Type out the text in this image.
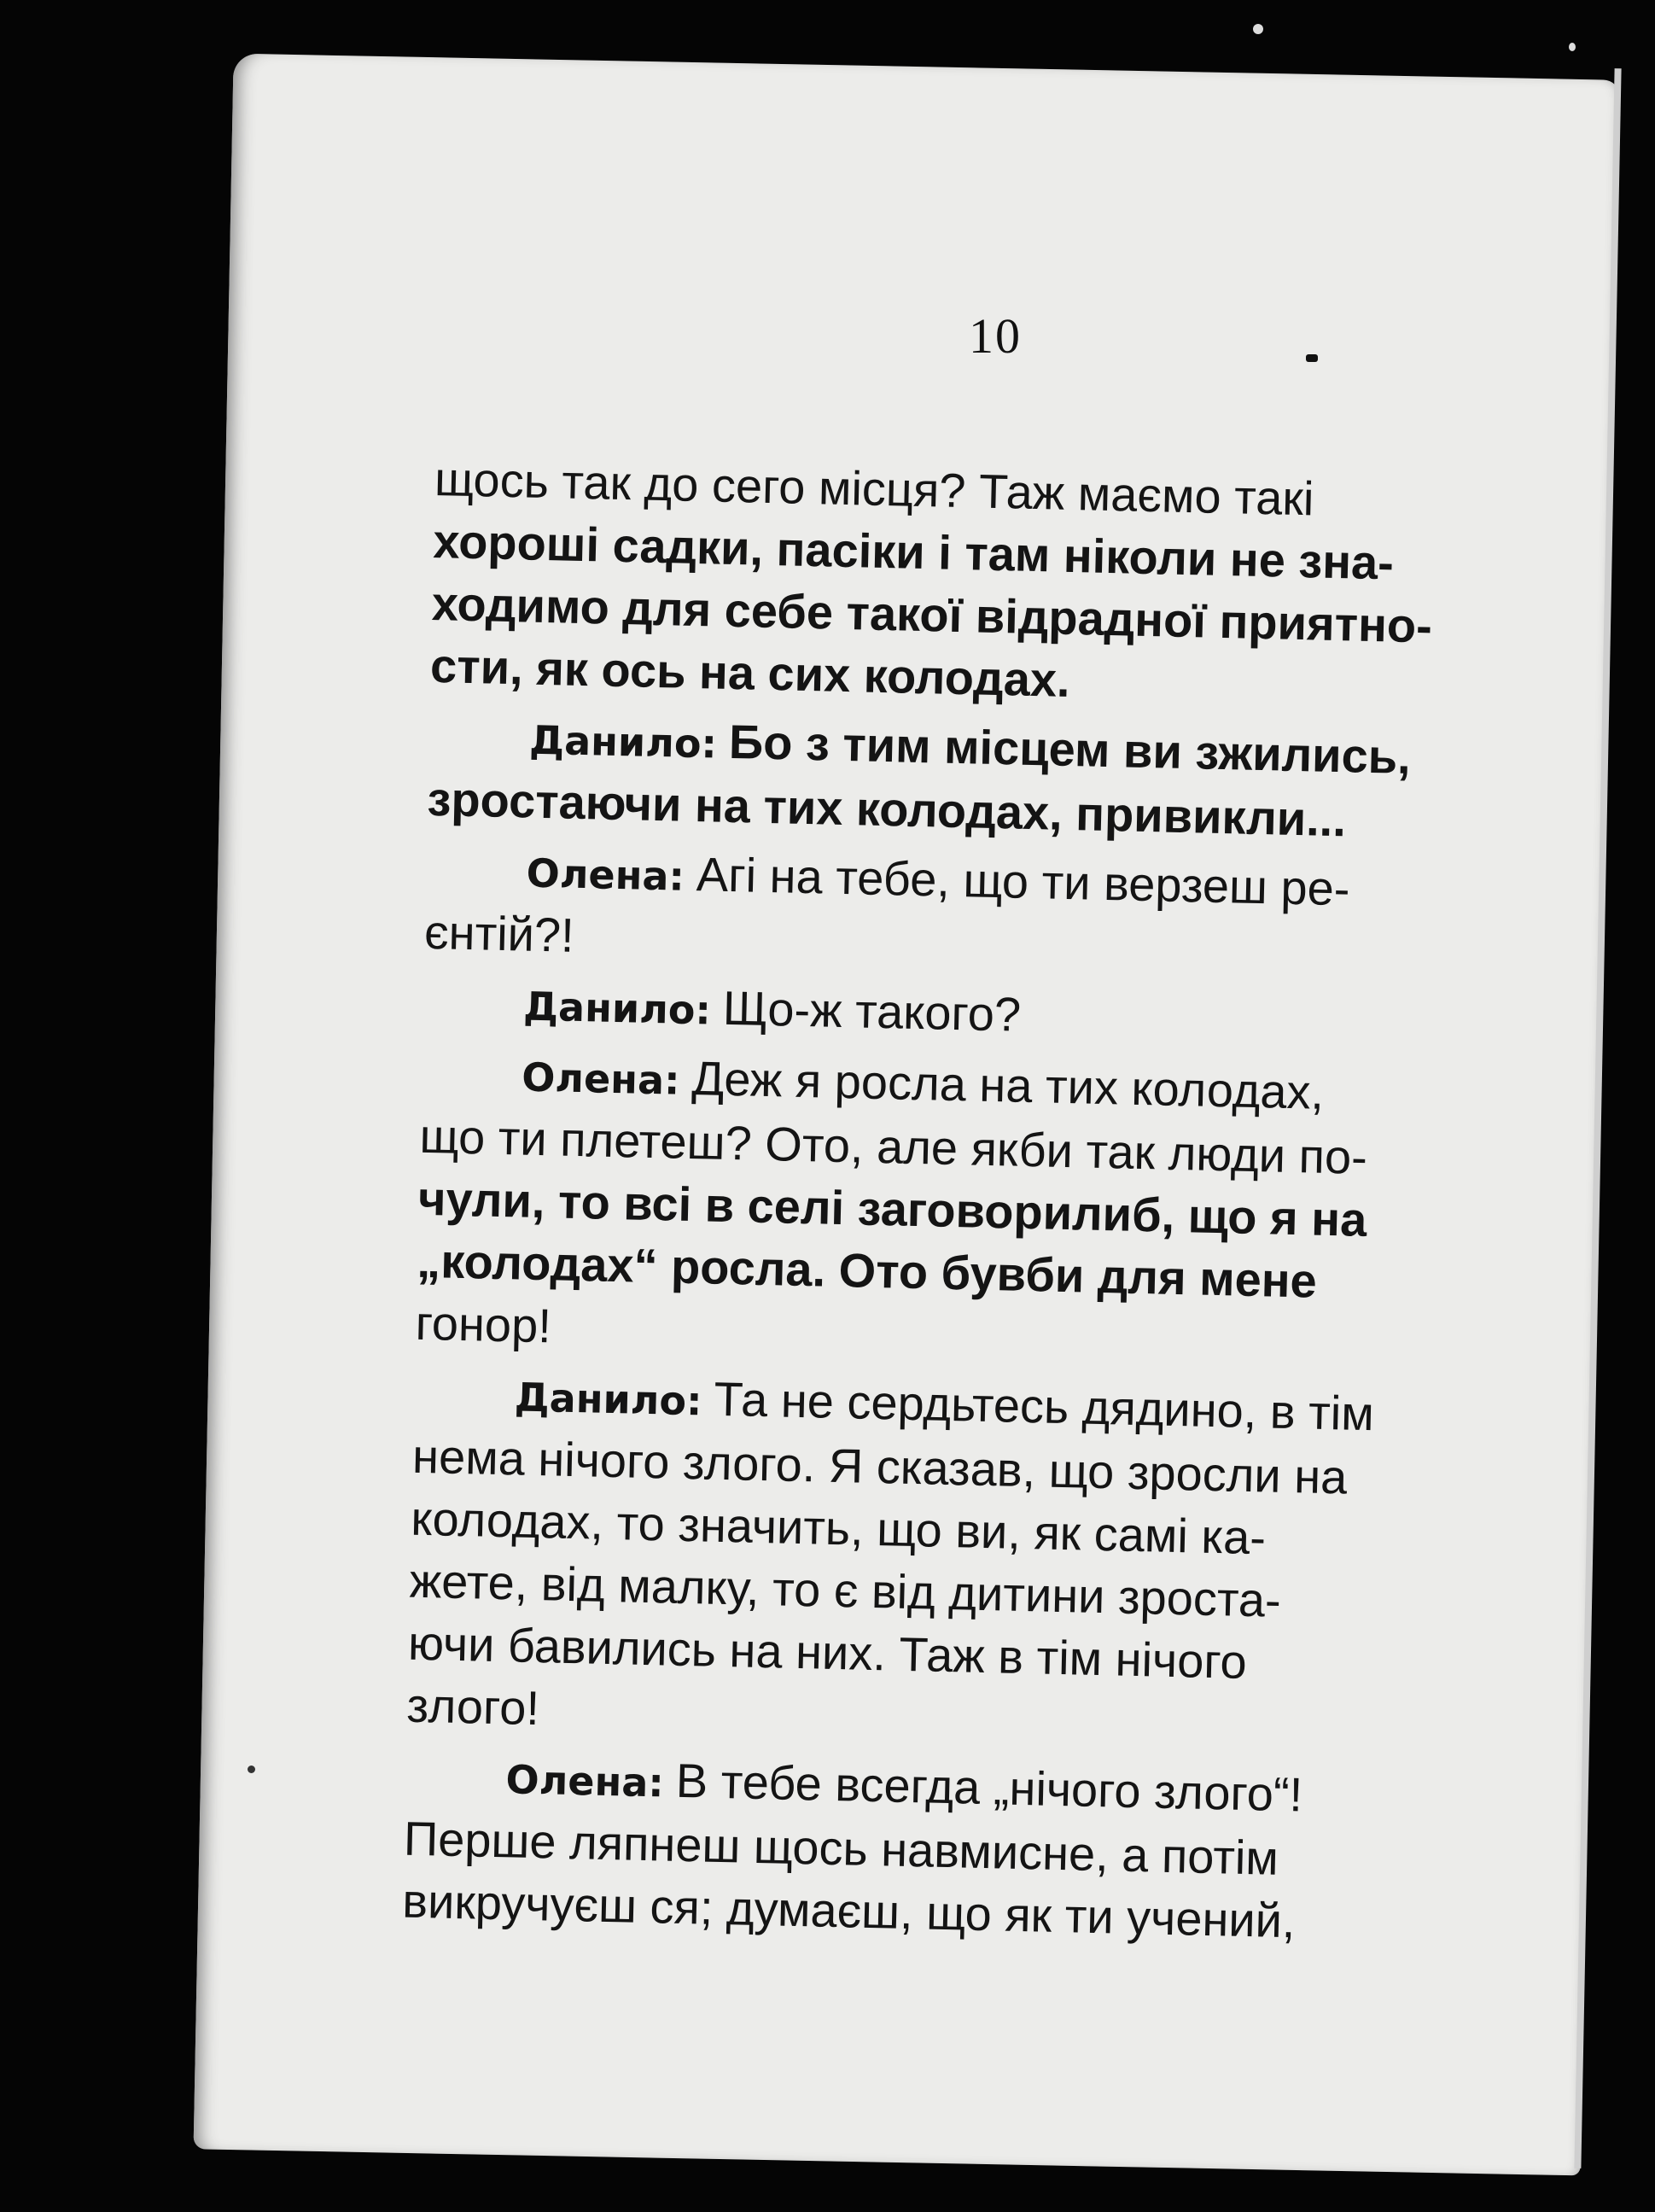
10

щось так до сего місця? Таж маємо такі
хороші садки, пасіки і там ніколи не зна-
ходимо для себе такої відрадної приятно-
сти, як ось на сих колодах.

Данило: Бо з тим місцем ви зжились,
зростаючи на тих колодах, привикли...

Олена: Агі на тебе, що ти верзеш ре-
єнтій?!

Данило: Що-ж такого?

Олена: Деж я росла на тих колодах,
що ти плетеш? Ото, але якби так люди по-
чули, то всі в селі заговорилиб, що я на
„колодах“ росла. Ото бувби для мене
гонор!

Данило: Та не сердьтесь дядино, в тім
нема нічого злого. Я сказав, що зросли на
колодах, то значить, що ви, як самі ка-
жете, від малку, то є від дитини зроста-
ючи бавились на них. Таж в тім нічого
злого!

Олена: В тебе всегда „нічого злого“!
Перше ляпнеш щось навмисне, а потім
викручуєш ся; думаєш, що як ти учений,
